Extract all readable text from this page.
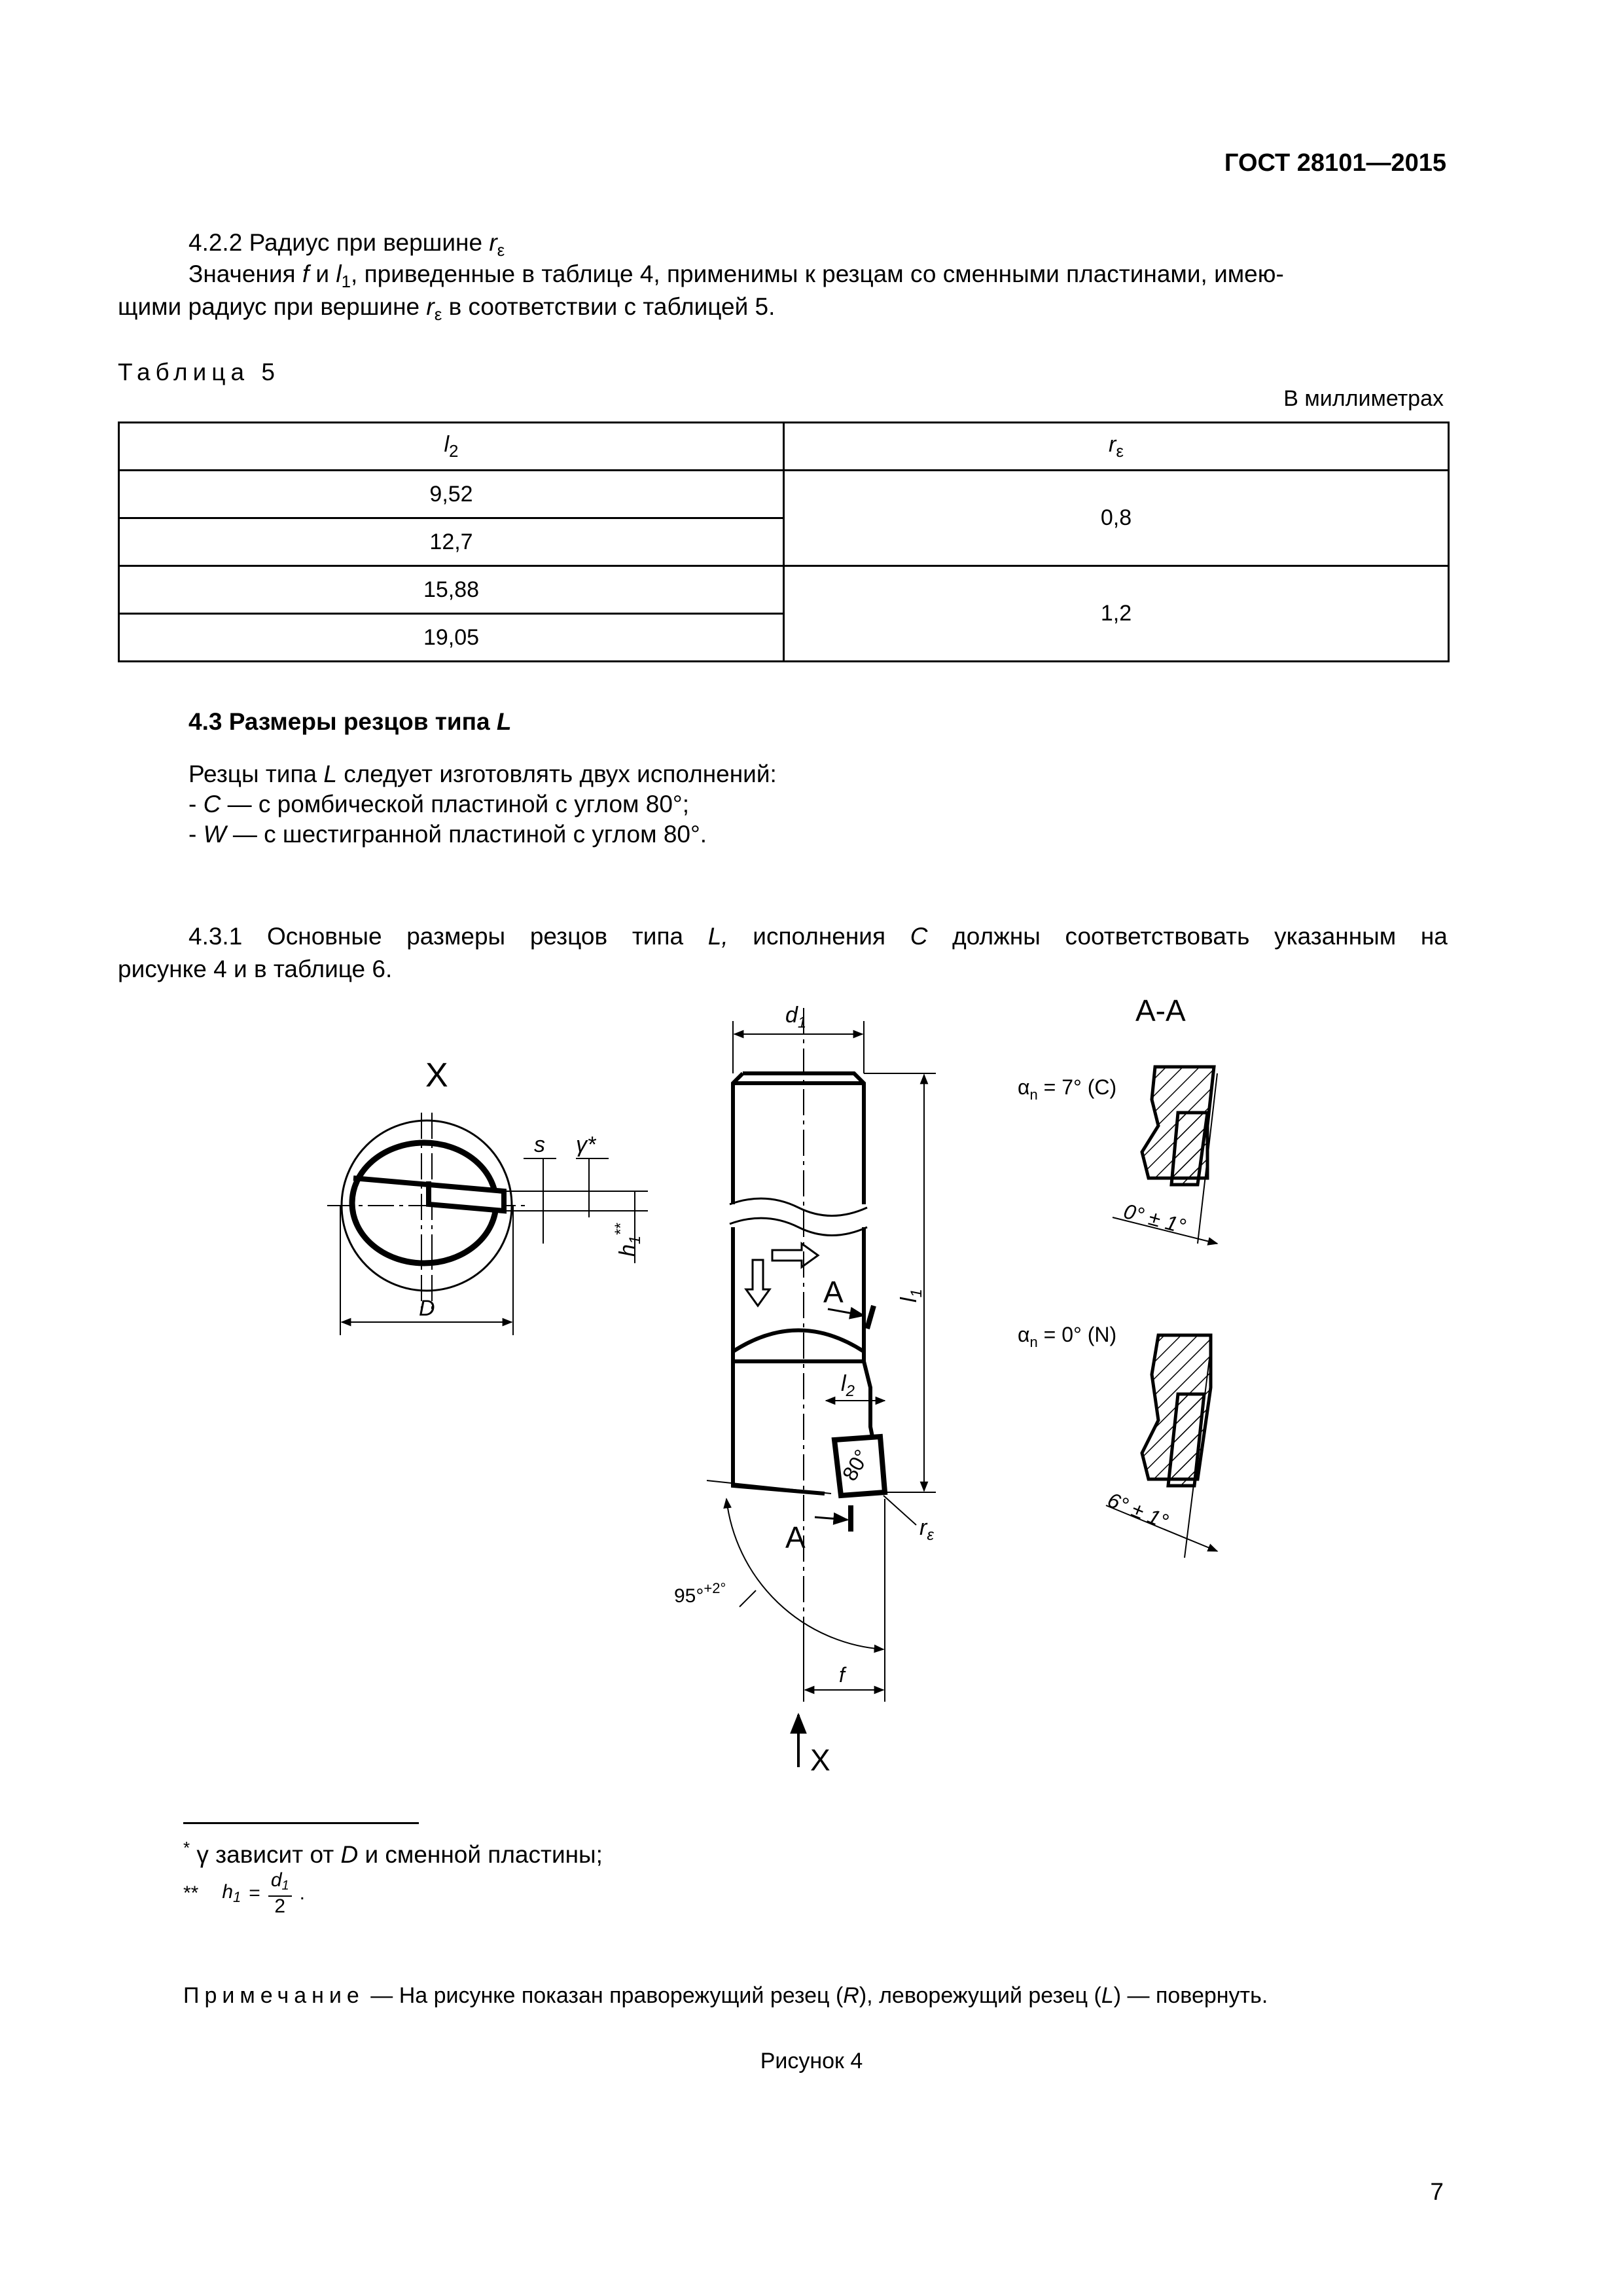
ГОСТ 28101—2015
4.2.2 Радиус при вершине $r_\varepsilon$
Значения f и $l_1$, приведенные в таблице 4, применимы к резцам со сменными пластинами, имею-
щими радиус при вершине $r_\varepsilon$ в соответствии с таблицей 5.
Таблица 5
В миллиметрах
$l_2$	$r_\varepsilon$
9,52	0,8
12,7	
15,88	1,2
19,05	
4.3 Размеры резцов типа L
Резцы типа L следует изготовлять двух исполнений:
- C — с ромбической пластиной с углом 80°;
- W — с шестигранной пластиной с углом 80°.
4.3.1 Основные размеры резцов типа L, исполнения C должны соответствовать указанным на
рисунке 4 и в таблице 6.
X
D
s γ*
$h_1^{**}$
$d_1$
A
A
$l_1$
$l_2$
80°
$r_\varepsilon$
95°$^{+2^\circ}$
f
X
A-A
$\alpha_n = 7^\circ$ (C)
0° ± 1°
$\alpha_n = 0^\circ$ (N)
6° ± 1°
* γ зависит от D и сменной пластины;
** $h_1 = \frac{d1}{2}$ .
Примечание — На рисунке показан праворежущий резец (R), леворежущий резец (L) — повернуть.
Рисунок 4
7
